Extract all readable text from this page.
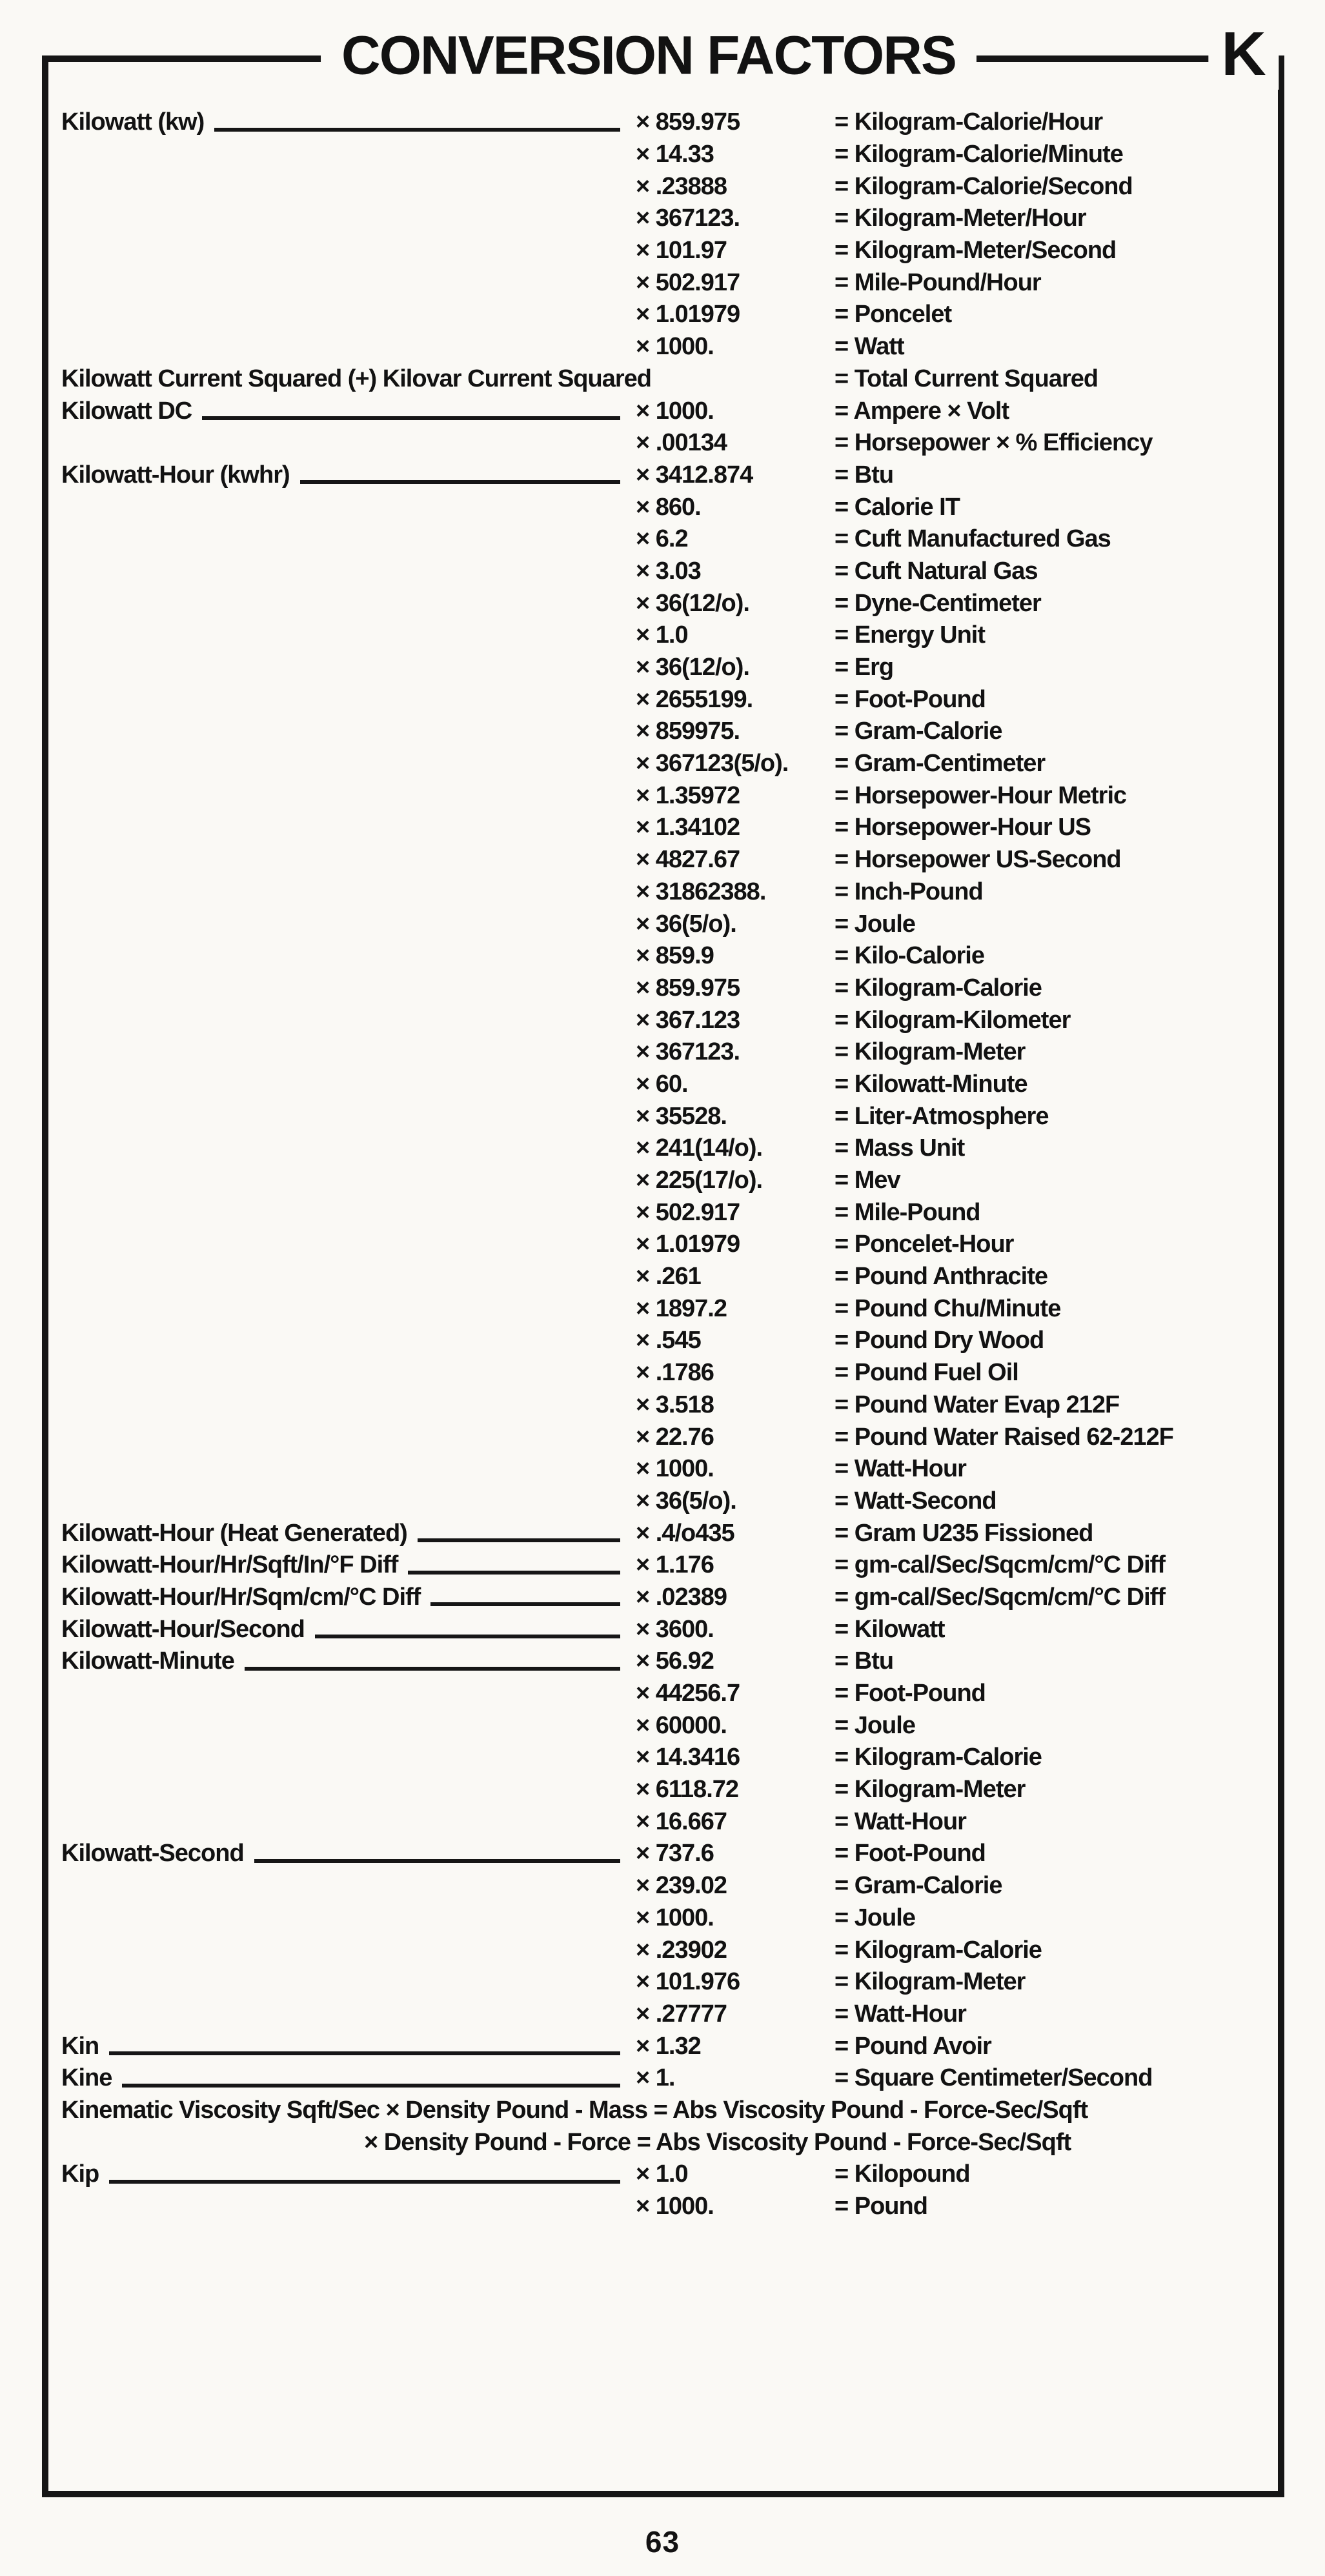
Kilowatt (kw)	× 859.975	= Kilogram-Calorie/Hour
× 14.33	= Kilogram-Calorie/Minute
× .23888	= Kilogram-Calorie/Second
× 367123.	= Kilogram-Meter/Hour
× 101.97	= Kilogram-Meter/Second
× 502.917	= Mile-Pound/Hour
× 1.01979	= Poncelet
× 1000.	= Watt
Kilowatt Current Squared (+) Kilovar Current Squared	= Total Current Squared
Kilowatt DC	× 1000.	= Ampere × Volt
× .00134	= Horsepower × % Efficiency
Kilowatt-Hour (kwhr)	× 3412.874	= Btu
× 860.	= Calorie IT
× 6.2	= Cuft Manufactured Gas
× 3.03	= Cuft Natural Gas
× 36(12/o).	= Dyne-Centimeter
× 1.0	= Energy Unit
× 36(12/o).	= Erg
× 2655199.	= Foot-Pound
× 859975.	= Gram-Calorie
× 367123(5/o).	= Gram-Centimeter
× 1.35972	= Horsepower-Hour Metric
× 1.34102	= Horsepower-Hour US
× 4827.67	= Horsepower US-Second
× 31862388.	= Inch-Pound
× 36(5/o).	= Joule
× 859.9	= Kilo-Calorie
× 859.975	= Kilogram-Calorie
× 367.123	= Kilogram-Kilometer
× 367123.	= Kilogram-Meter
× 60.	= Kilowatt-Minute
× 35528.	= Liter-Atmosphere
× 241(14/o).	= Mass Unit
× 225(17/o).	= Mev
× 502.917	= Mile-Pound
× 1.01979	= Poncelet-Hour
× .261	= Pound Anthracite
× 1897.2	= Pound Chu/Minute
× .545	= Pound Dry Wood
× .1786	= Pound Fuel Oil
× 3.518	= Pound Water Evap 212F
× 22.76	= Pound Water Raised 62-212F
× 1000.	= Watt-Hour
× 36(5/o).	= Watt-Second
Kilowatt-Hour (Heat Generated)	× .4/o435	= Gram U235 Fissioned
Kilowatt-Hour/Hr/Sqft/In/°F Diff	× 1.176	= gm-cal/Sec/Sqcm/cm/°C Diff
Kilowatt-Hour/Hr/Sqm/cm/°C Diff	× .02389	= gm-cal/Sec/Sqcm/cm/°C Diff
Kilowatt-Hour/Second	× 3600.	= Kilowatt
Kilowatt-Minute	× 56.92	= Btu
× 44256.7	= Foot-Pound
× 60000.	= Joule
× 14.3416	= Kilogram-Calorie
× 6118.72	= Kilogram-Meter
× 16.667	= Watt-Hour
Kilowatt-Second	× 737.6	= Foot-Pound
× 239.02	= Gram-Calorie
× 1000.	= Joule
× .23902	= Kilogram-Calorie
× 101.976	= Kilogram-Meter
× .27777	= Watt-Hour
Kin	× 1.32	= Pound Avoir
Kine	× 1.	= Square Centimeter/Second
Kinematic Viscosity Sqft/Sec × Density Pound - Mass = Abs Viscosity Pound - Force-Sec/Sqft
× Density Pound - Force = Abs Viscosity Pound - Force-Sec/Sqft
Kip	× 1.0	= Kilopound
× 1000.	= Pound
CONVERSION FACTORS	K
63
